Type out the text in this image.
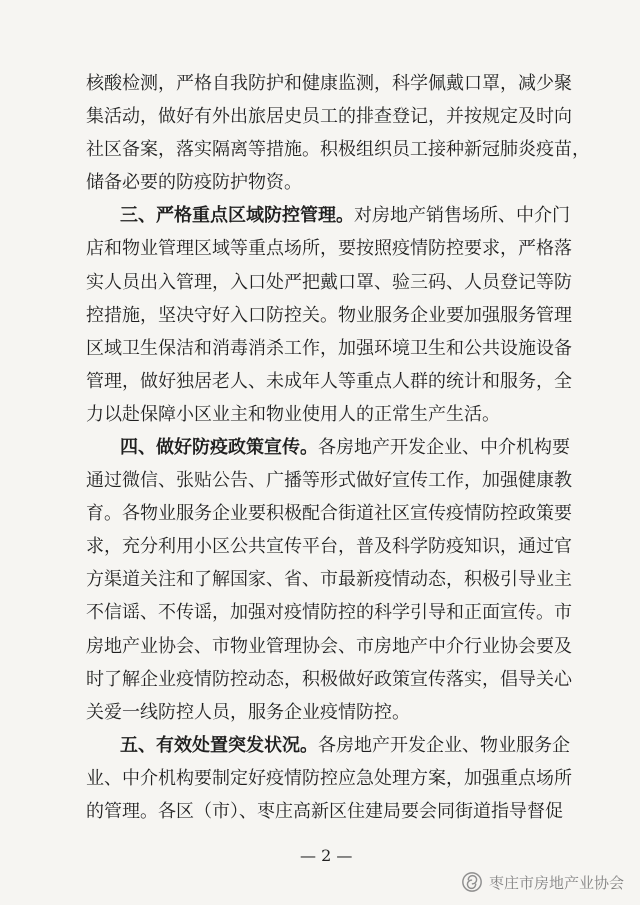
核酸检测，严格自我防护和健康监测，科学佩戴口罩，减少聚
集活动，做好有外出旅居史员工的排查登记，并按规定及时向
社区备案，落实隔离等措施。积极组织员工接种新冠肺炎疫苗，
储备必要的防疫防护物资。
三、严格重点区域防控管理。对房地产销售场所、中介门
店和物业管理区域等重点场所，要按照疫情防控要求，严格落
实人员出入管理，入口处严把戴口罩、验三码、人员登记等防
控措施，坚决守好入口防控关。物业服务企业要加强服务管理
区域卫生保洁和消毒消杀工作，加强环境卫生和公共设施设备
管理，做好独居老人、未成年人等重点人群的统计和服务，全
力以赴保障小区业主和物业使用人的正常生产生活。
四、做好防疫政策宣传。各房地产开发企业、中介机构要
通过微信、张贴公告、广播等形式做好宣传工作，加强健康教
育。各物业服务企业要积极配合街道社区宣传疫情防控政策要
求，充分利用小区公共宣传平台，普及科学防疫知识，通过官
方渠道关注和了解国家、省、市最新疫情动态，积极引导业主
不信谣、不传谣，加强对疫情防控的科学引导和正面宣传。市
房地产业协会、市物业管理协会、市房地产中介行业协会要及
时了解企业疫情防控动态，积极做好政策宣传落实，倡导关心
关爱一线防控人员，服务企业疫情防控。
五、有效处置突发状况。各房地产开发企业、物业服务企
业、中介机构要制定好疫情防控应急处理方案，加强重点场所
的管理。各区（市）、枣庄高新区住建局要会同街道指导督促
— 2 —
枣庄市房地产业协会
